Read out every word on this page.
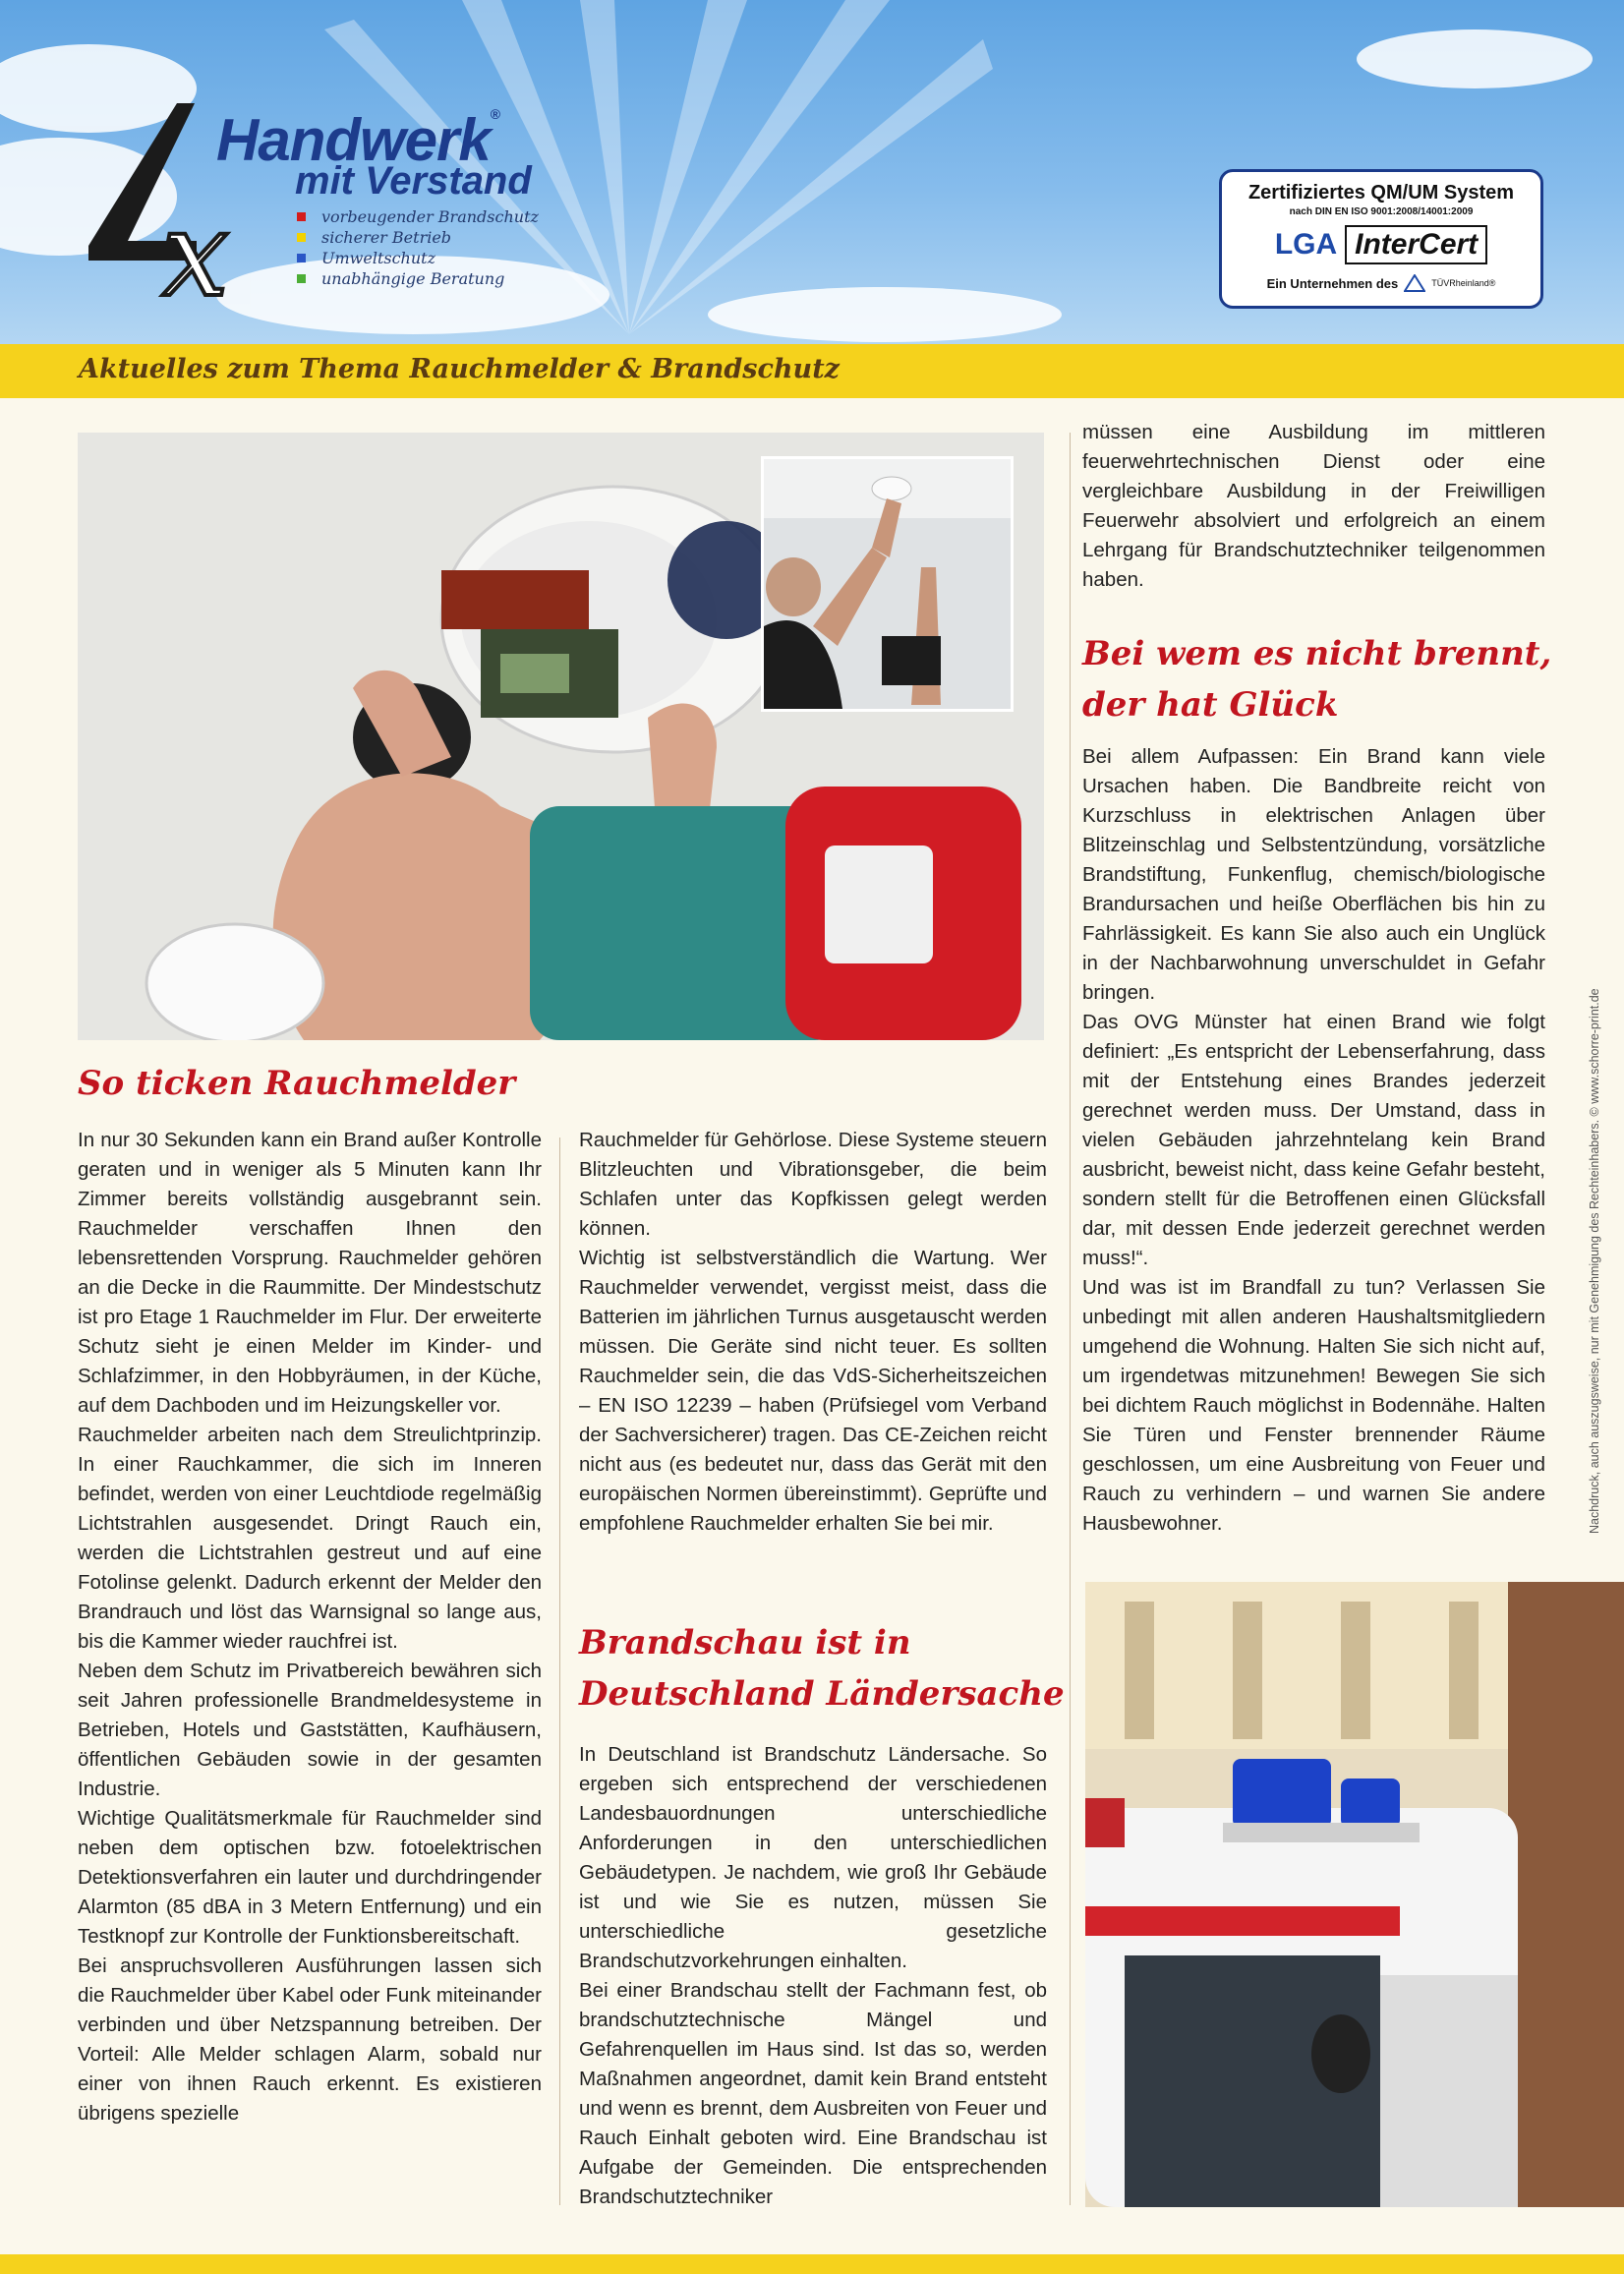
x
Handwerk®
mit Verstand
vorbeugender Brandschutz
sicherer Betrieb
Umweltschutz
unabhängige Beratung
Zertifiziertes QM/UM System
nach DIN EN ISO 9001:2008/14001:2009
LGA InterCert
Ein Unternehmen des	TÜVRheinland®
Aktuelles zum Thema Rauchmelder & Brandschutz
So ticken Rauchmelder

In nur 30 Sekunden kann ein Brand außer Kontrolle geraten und in weniger als 5 Minuten kann Ihr Zimmer bereits vollständig ausgebrannt sein. Rauchmelder verschaffen Ihnen den lebensrettenden Vorsprung. Rauchmelder gehören an die Decke in die Raummitte. Der Mindestschutz ist pro Etage 1 Rauchmelder im Flur. Der erweiterte Schutz sieht je einen Melder im Kinder- und Schlafzimmer, in den Hobbyräumen, in der Küche, auf dem Dachboden und im Heizungskeller vor.

Rauchmelder arbeiten nach dem Streulichtprinzip. In einer Rauchkammer, die sich im Inneren befindet, werden von einer Leuchtdiode regelmäßig Lichtstrahlen ausgesendet. Dringt Rauch ein, werden die Lichtstrahlen gestreut und auf eine Fotolinse gelenkt. Dadurch erkennt der Melder den Brandrauch und löst das Warnsignal so lange aus, bis die Kammer wieder rauchfrei ist.

Neben dem Schutz im Privatbereich bewähren sich seit Jahren professionelle Brandmeldesysteme in Betrieben, Hotels und Gaststätten, Kaufhäusern, öffentlichen Gebäuden sowie in der gesamten Industrie.

Wichtige Qualitätsmerkmale für Rauchmelder sind neben dem optischen bzw. fotoelektrischen Detektionsverfahren ein lauter und durchdringender Alarmton (85 dBA in 3 Metern Entfernung) und ein Testknopf zur Kontrolle der Funktionsbereitschaft.

Bei anspruchsvolleren Ausführungen lassen sich die Rauchmelder über Kabel oder Funk miteinander verbinden und über Netzspannung betreiben. Der Vorteil: Alle Melder schlagen Alarm, sobald nur einer von ihnen Rauch erkennt. Es existieren übrigens spezielle

Rauchmelder für Gehörlose. Diese Systeme steuern Blitzleuchten und Vibrationsgeber, die beim Schlafen unter das Kopfkissen gelegt werden können.

Wichtig ist selbstverständlich die Wartung. Wer Rauchmelder verwendet, vergisst meist, dass die Batterien im jährlichen Turnus ausgetauscht werden müssen. Die Geräte sind nicht teuer. Es sollten Rauchmelder sein, die das VdS-Sicherheitszeichen – EN ISO 12239 – haben (Prüfsiegel vom Verband der Sachversicherer) tragen. Das CE-Zeichen reicht nicht aus (es bedeutet nur, dass das Gerät mit den europäischen Normen übereinstimmt). Geprüfte und empfohlene Rauchmelder erhalten Sie bei mir.

Brandschau ist in
Deutschland Ländersache

In Deutschland ist Brandschutz Ländersache. So ergeben sich entsprechend der verschiedenen Landesbauordnungen unterschiedliche Anforderungen in den unterschiedlichen Gebäudetypen. Je nachdem, wie groß Ihr Gebäude ist und wie Sie es nutzen, müssen Sie unterschiedliche gesetzliche Brandschutzvorkehrungen einhalten.

Bei einer Brandschau stellt der Fachmann fest, ob brandschutztechnische Mängel und Gefahrenquellen im Haus sind. Ist das so, werden Maßnahmen angeordnet, damit kein Brand entsteht und wenn es brennt, dem Ausbreiten von Feuer und Rauch Einhalt geboten wird. Eine Brandschau ist Aufgabe der Gemeinden. Die entsprechenden Brandschutztechniker

müssen eine Ausbildung im mittleren feuerwehrtechnischen Dienst oder eine vergleichbare Ausbildung in der Freiwilligen Feuerwehr absolviert und erfolgreich an einem Lehrgang für Brandschutztechniker teilgenommen haben.

Bei wem es nicht brennt,
der hat Glück

Bei allem Aufpassen: Ein Brand kann viele Ursachen haben. Die Bandbreite reicht von Kurzschluss in elektrischen Anlagen über Blitzeinschlag und Selbstentzündung, vorsätzliche Brandstiftung, Funkenflug, chemisch/biologische Brandursachen und heiße Oberflächen bis hin zu Fahrlässigkeit. Es kann Sie also auch ein Unglück in der Nachbarwohnung unverschuldet in Gefahr bringen.

Das OVG Münster hat einen Brand wie folgt definiert: „Es entspricht der Lebenserfahrung, dass mit der Entstehung eines Brandes jederzeit gerechnet werden muss. Der Umstand, dass in vielen Gebäuden jahrzehntelang kein Brand ausbricht, beweist nicht, dass keine Gefahr besteht, sondern stellt für die Betroffenen einen Glücksfall dar, mit dessen Ende jederzeit gerechnet werden muss!“.

Und was ist im Brandfall zu tun? Verlassen Sie unbedingt mit allen anderen Haushaltsmitgliedern umgehend die Wohnung. Halten Sie sich nicht auf, um irgendetwas mitzunehmen! Bewegen Sie sich bei dichtem Rauch möglichst in Bodennähe. Halten Sie Türen und Fenster brennender Räume geschlossen, um eine Ausbreitung von Feuer und Rauch zu verhindern – und warnen Sie andere Hausbewohner.	Nachdruck, auch auszugsweise, nur mit Genehmigung des Rechteinhabers. © www.schorre-print.de
